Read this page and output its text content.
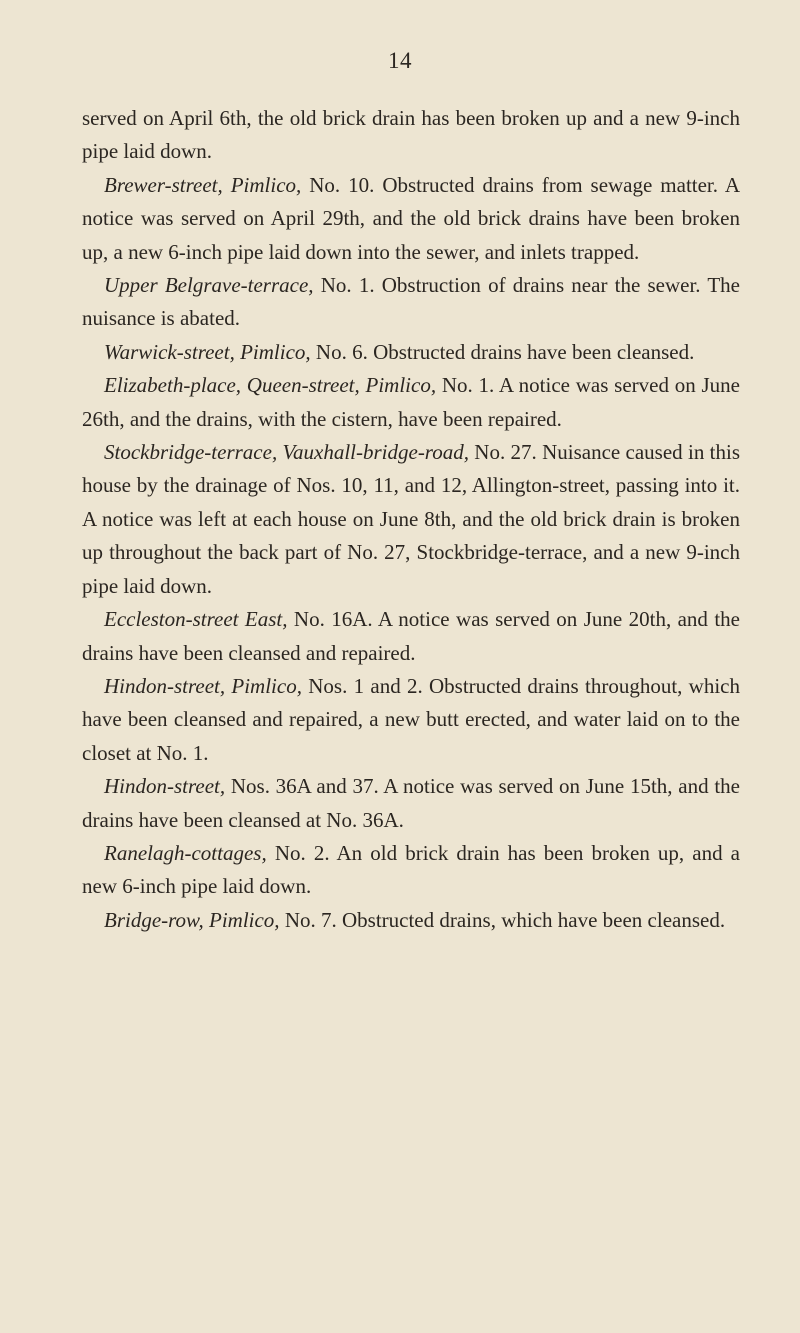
14

served on April 6th, the old brick drain has been broken up and a new 9-inch pipe laid down.

Brewer-street, Pimlico, No. 10. Obstructed drains from sewage matter. A notice was served on April 29th, and the old brick drains have been broken up, a new 6-inch pipe laid down into the sewer, and inlets trapped.

Upper Belgrave-terrace, No. 1. Obstruction of drains near the sewer. The nuisance is abated.

Warwick-street, Pimlico, No. 6. Obstructed drains have been cleansed.

Elizabeth-place, Queen-street, Pimlico, No. 1. A notice was served on June 26th, and the drains, with the cistern, have been repaired.

Stockbridge-terrace, Vauxhall-bridge-road, No. 27. Nuisance caused in this house by the drainage of Nos. 10, 11, and 12, Allington-street, passing into it. A notice was left at each house on June 8th, and the old brick drain is broken up throughout the back part of No. 27, Stockbridge-terrace, and a new 9-inch pipe laid down.

Eccleston-street East, No. 16A. A notice was served on June 20th, and the drains have been cleansed and repaired.

Hindon-street, Pimlico, Nos. 1 and 2. Obstructed drains throughout, which have been cleansed and repaired, a new butt erected, and water laid on to the closet at No. 1.

Hindon-street, Nos. 36A and 37. A notice was served on June 15th, and the drains have been cleansed at No. 36A.

Ranelagh-cottages, No. 2. An old brick drain has been broken up, and a new 6-inch pipe laid down.

Bridge-row, Pimlico, No. 7. Obstructed drains, which have been cleansed.
